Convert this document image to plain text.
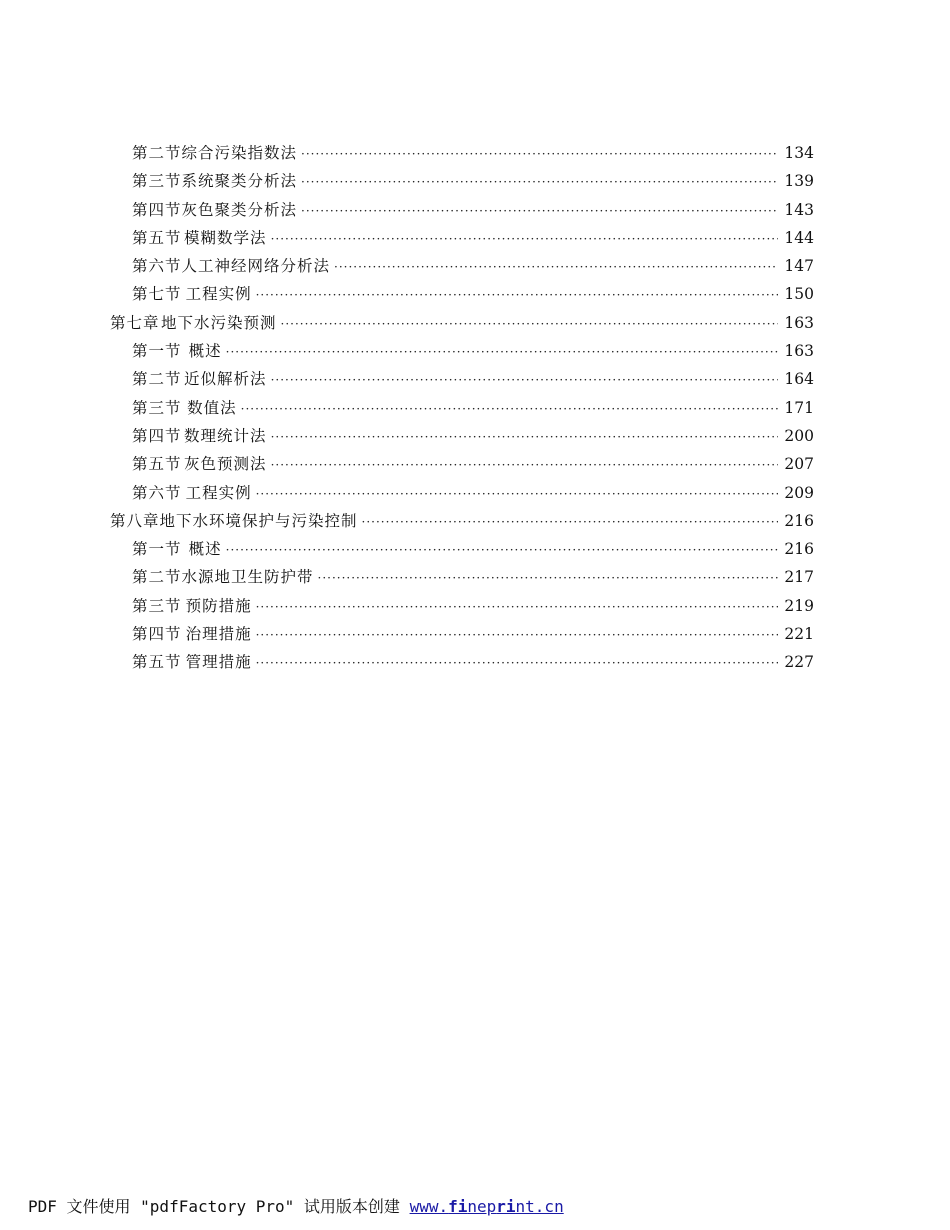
第二节 综合污染指数法 ·····	134
第三节 系统聚类分析法 ·····	139
第四节 灰色聚类分析法 ·····	143
第五节 模糊数学法 ·····	144
第六节 人工神经网络分析法 ·····	147
第七节 工程实例 ·····	150
第七章 地下水污染预测 ·····	163
第一节 概述 ·····	163
第二节 近似解析法 ·····	164
第三节 数值法 ·····	171
第四节 数理统计法 ·····	200
第五节 灰色预测法 ·····	207
第六节 工程实例 ·····	209
第八章 地下水环境保护与污染控制 ·····	216
第一节 概述 ·····	216
第二节 水源地卫生防护带 ·····	217
第三节 预防措施 ·····	219
第四节 治理措施 ·····	221
第五节 管理措施 ·····	227
PDF 文件使用 "pdfFactory Pro" 试用版本创建 www.fineprint.cn
